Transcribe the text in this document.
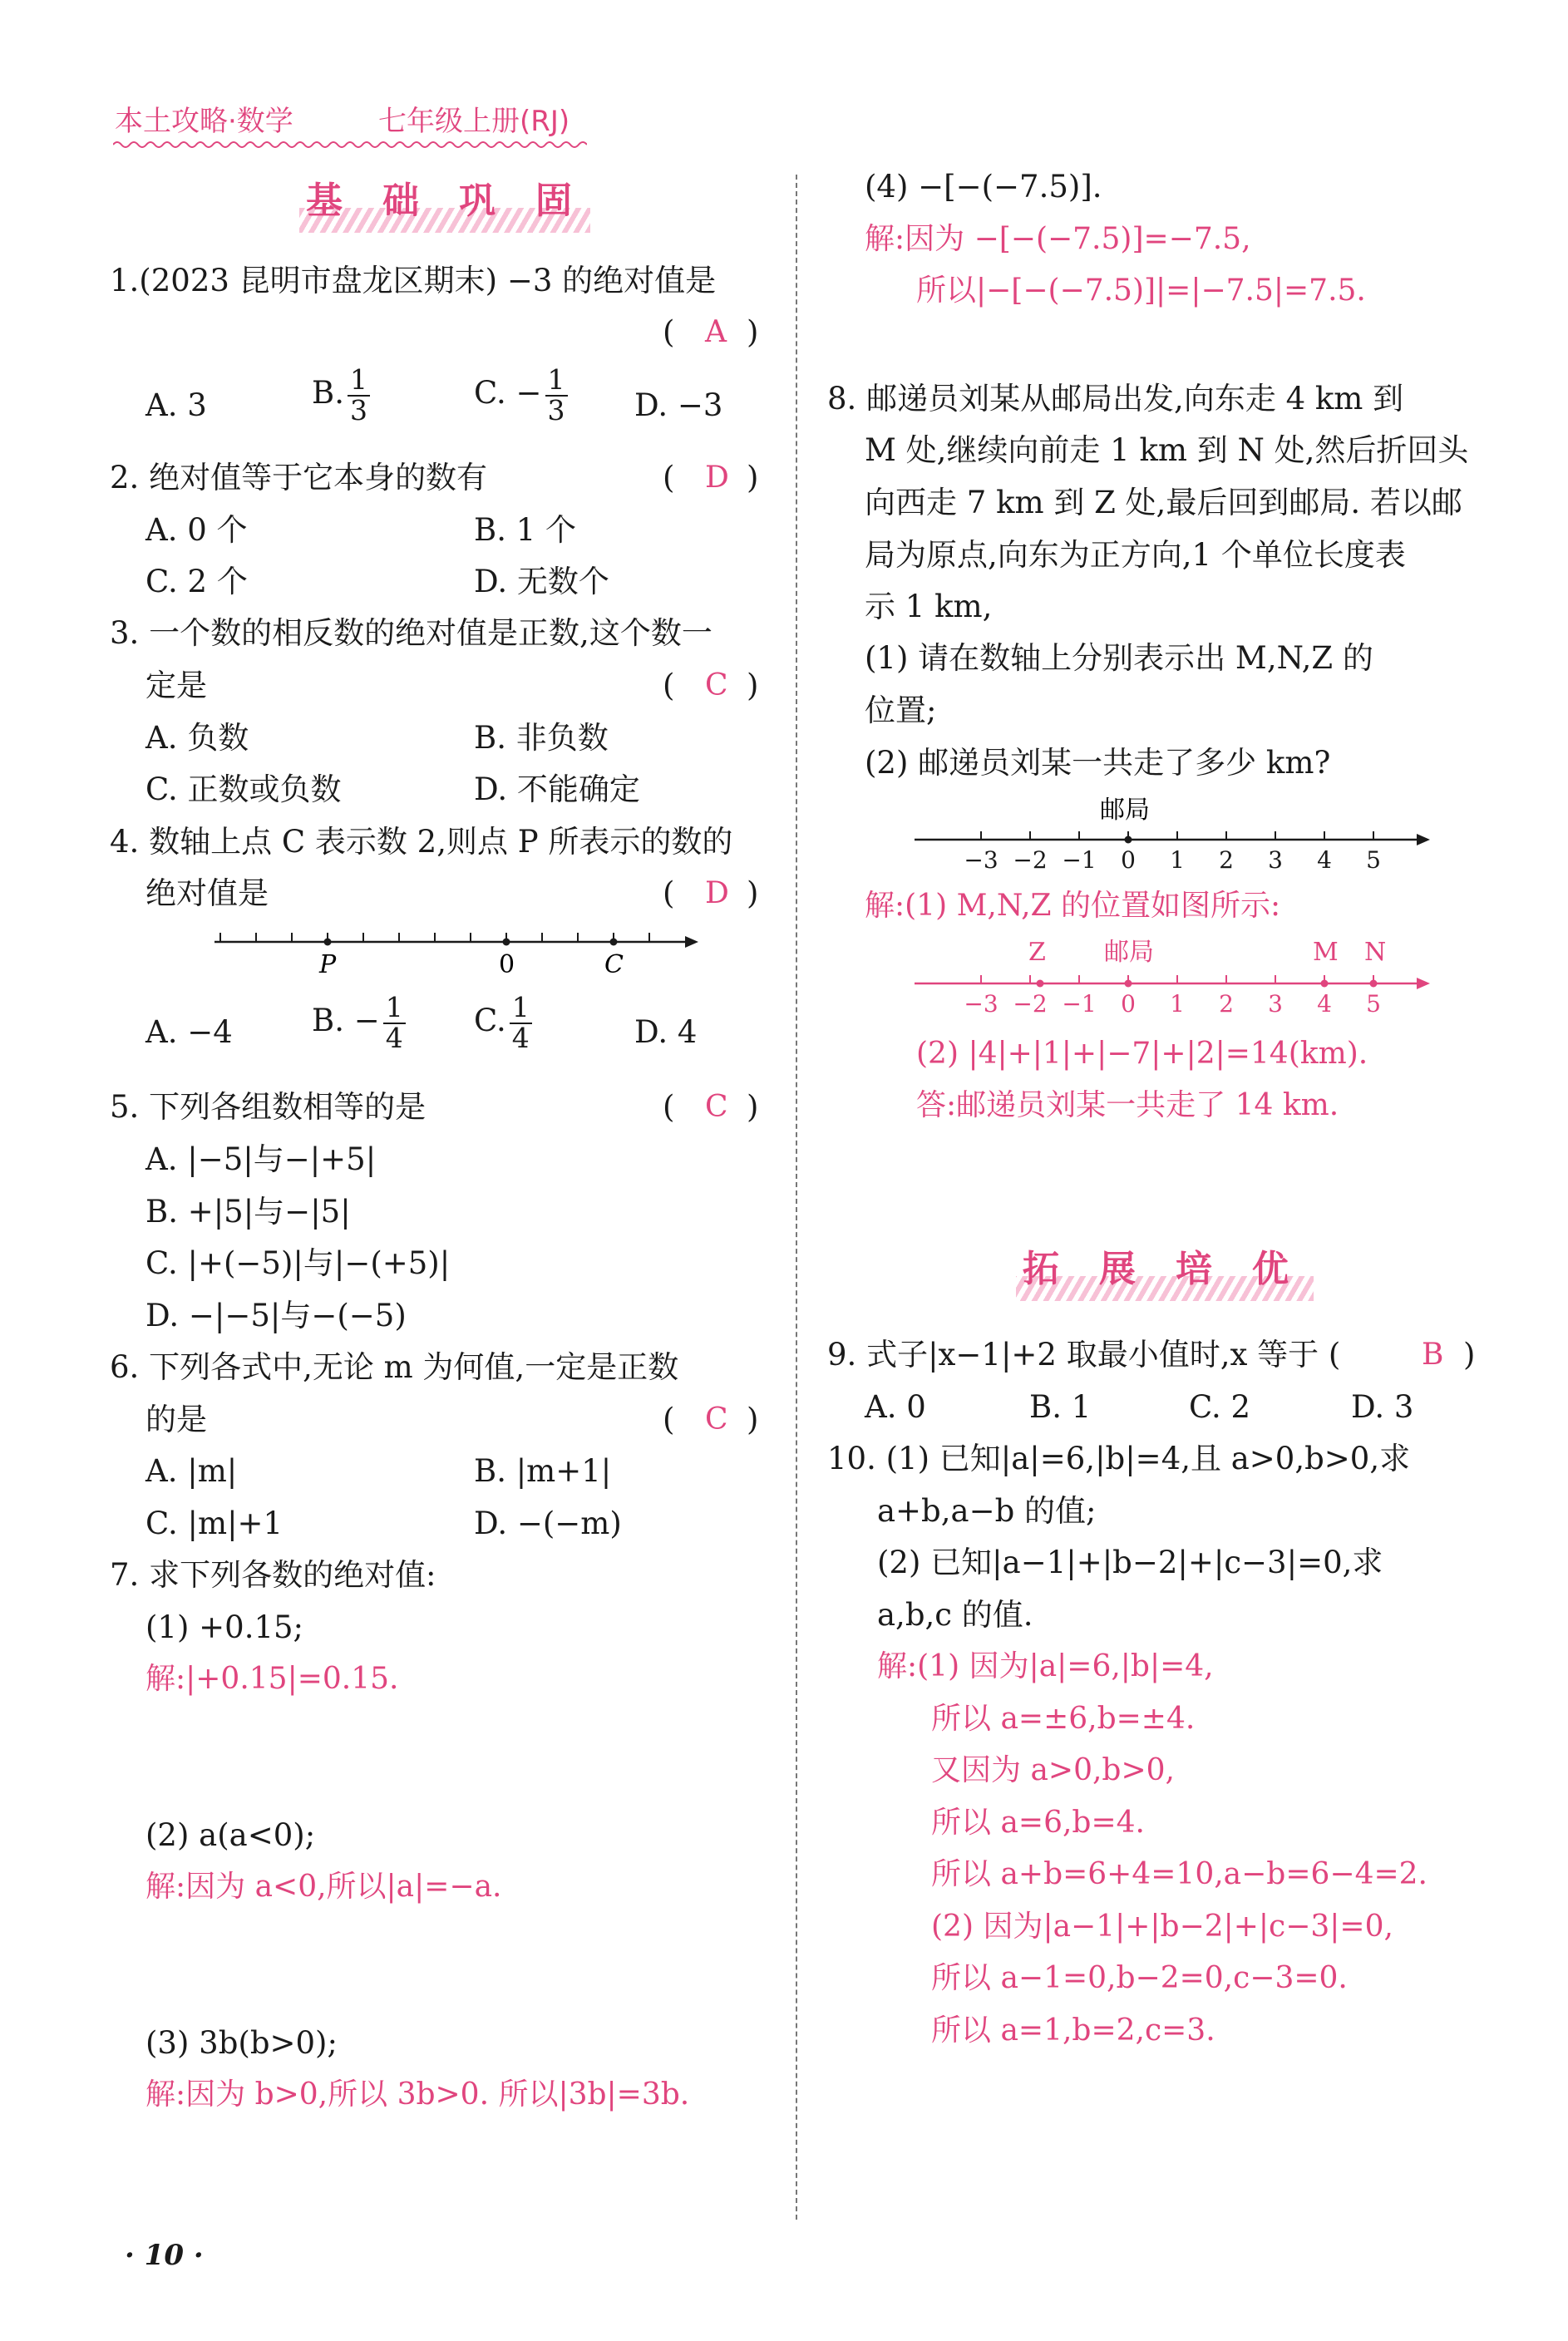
本土攻略·数学	七年级上册(RJ)
基础巩固
1.(2023 昆明市盘龙区期末) −3 的绝对值是
( A )
A. 3	B. $\frac{1}{3}$	C. − $\frac{1}{3} D$. −3
2. 绝对值等于它本身的数有	( D )
A. 0 个	B. 1 个
C. 2 个	D. 无数个
3. 一个数的相反数的绝对值是正数,这个数一
定是	( C )
A. 负数	B. 非负数
C. 正数或负数	D. 不能确定
4. 数轴上点 C 表示数 2,则点 P 所表示的数的
绝对值是	( D )
P	0	C
A. −4	B. − $\frac{1}{4} C$. $\frac{1}{4}$	D. 4
5. 下列各组数相等的是	( C )
A. |−5|与−|+5|
B. +|5|与−|5|
C. |+(−5)|与|−(+5)|
D. −|−5|与−(−5)
6. 下列各式中,无论 m 为何值,一定是正数
的是	( C )
A. |m|	B. |m+1|
C. |m|+1	D. −(−m)
7. 求下列各数的绝对值:
(1) +0.15;
解:|+0.15|=0.15.
(2) a(a<0);
解:因为 a<0,所以|a|=−a.
(3) 3b(b>0);
解:因为 b>0,所以 3b>0. 所以|3b|=3b.
(4) −[−(−7.5)].
解:因为 −[−(−7.5)]=−7.5,
所以|−[−(−7.5)]|=|−7.5|=7.5.
8. 邮递员刘某从邮局出发,向东走 4 km 到
M 处,继续向前走 1 km 到 N 处,然后折回头
向西走 7 km 到 Z 处,最后回到邮局. 若以邮
局为原点,向东为正方向,1 个单位长度表
示 1 km,
(1) 请在数轴上分别表示出 M,N,Z 的
位置;
(2) 邮递员刘某一共走了多少 km?
邮局
−3 −2 −1 0 1 2 3 4 5
解:(1) M,N,Z 的位置如图所示:
Z 邮局	M N
−3 −2 −1 0 1 2 3 4 5
(2) |4|+|1|+|−7|+|2|=14(km).
答:邮递员刘某一共走了 14 km.
拓展培优
9. 式子|x−1|+2 取最小值时,x 等于 (	B )
A. 0	B. 1	C. 2	D. 3
10. (1) 已知|a|=6,|b|=4,且 a>0,b>0,求
a+b,a−b 的值;
(2) 已知|a−1|+|b−2|+|c−3|=0,求
a,b,c 的值.
解:(1) 因为|a|=6,|b|=4,
所以 a=±6,b=±4.
又因为 a>0,b>0,
所以 a=6,b=4.
所以 a+b=6+4=10,a−b=6−4=2.
(2) 因为|a−1|+|b−2|+|c−3|=0,
所以 a−1=0,b−2=0,c−3=0.
所以 a=1,b=2,c=3.
· 10 ·
